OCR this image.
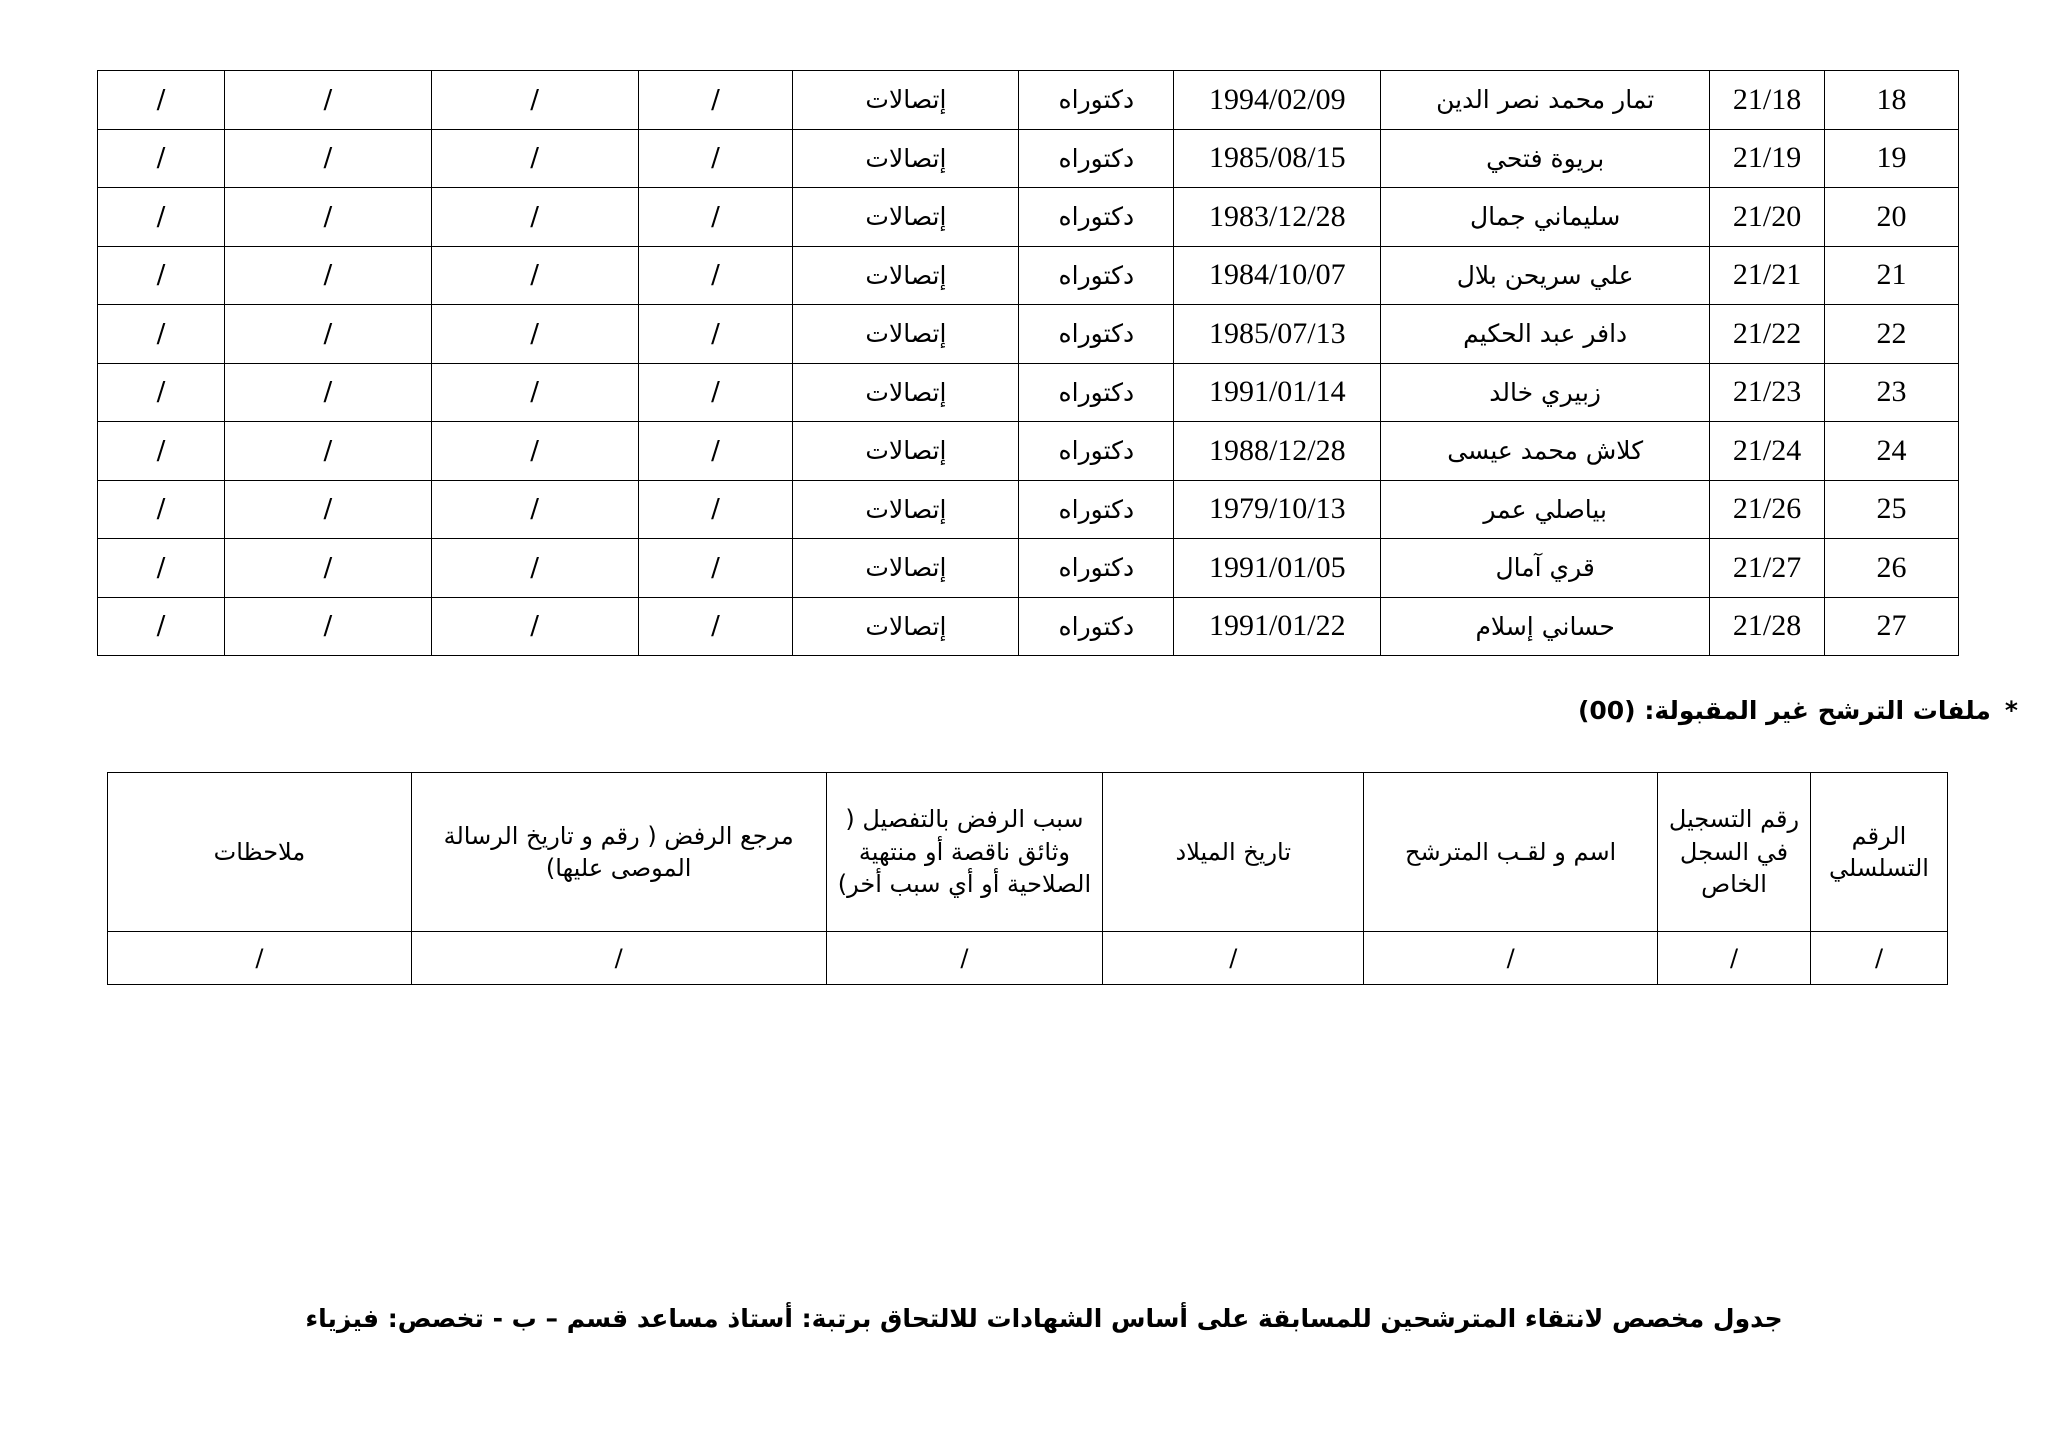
/	/	/	/	إتصالات	دكتوراه	1994/02/09	تمار محمد نصر الدين	21/18	18
/	/	/	/	إتصالات	دكتوراه	1985/08/15	بريوة فتحي	21/19	19
/	/	/	/	إتصالات	دكتوراه	1983/12/28	سليماني جمال	21/20	20
/	/	/	/	إتصالات	دكتوراه	1984/10/07	علي سريحن بلال	21/21	21
/	/	/	/	إتصالات	دكتوراه	1985/07/13	دافر عبد الحكيم	21/22	22
/	/	/	/	إتصالات	دكتوراه	1991/01/14	زبيري خالد	21/23	23
/	/	/	/	إتصالات	دكتوراه	1988/12/28	كلاش محمد عيسى	21/24	24
/	/	/	/	إتصالات	دكتوراه	1979/10/13	بياصلي عمر	21/26	25
/	/	/	/	إتصالات	دكتوراه	1991/01/05	قري آمال	21/27	26
/	/	/	/	إتصالات	دكتوراه	1991/01/22	حساني إسلام	21/28	27
*ملفات الترشح غير المقبولة: (00)
ملاحظات	مرجع الرفض ( رقم و تاريخ الرسالة الموصى عليها)	سبب الرفض بالتفصيل ( وثائق ناقصة أو منتهية الصلاحية أو أي سبب أخر)	تاريخ الميلاد	اسم و لقـب المترشح	رقم التسجيل في السجل الخاص	الرقم التسلسلي
/	/	/	/	/	/	/
جدول مخصص لانتقاء المترشحين للمسابقة على أساس الشهادات للالتحاق برتبة: أستاذ مساعد قسم – ب - تخصص: فيزياء
